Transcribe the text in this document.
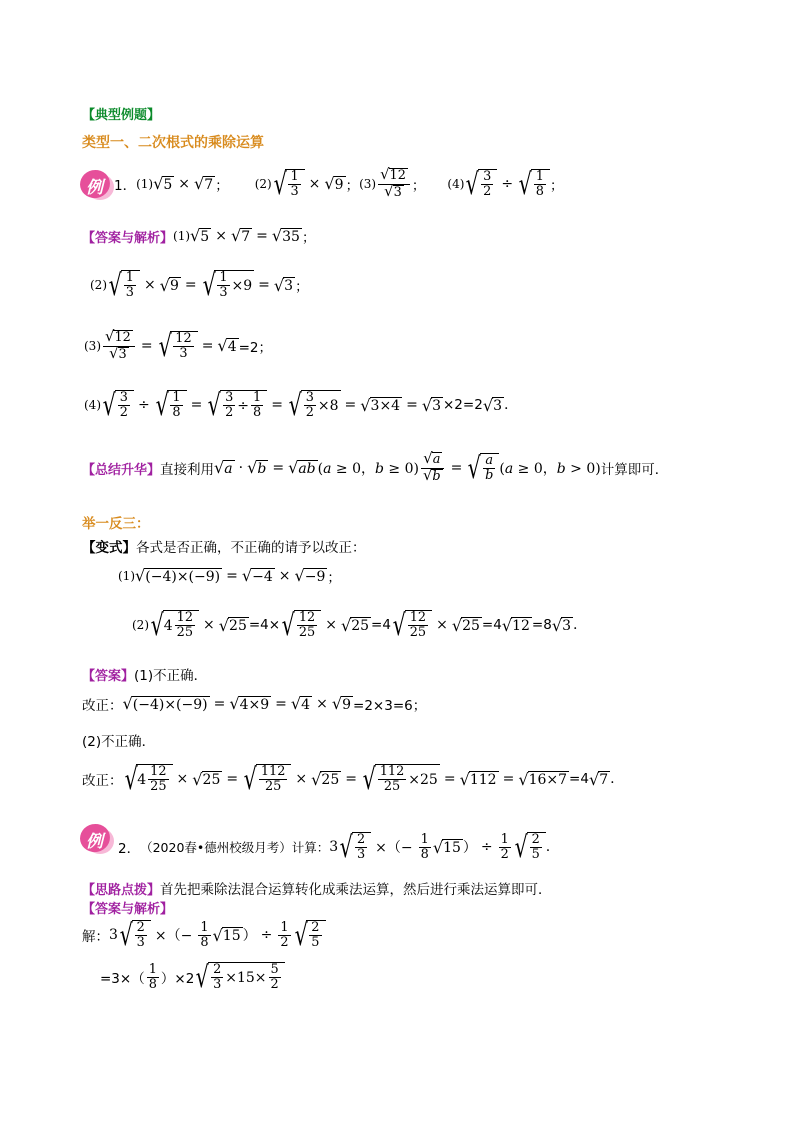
【典型例题】
类型一、二次根式的乘除运算
例 1． (1) √ 5 × √ 7 ； (2) √ 1
3 × √ 9 ； (3)
√ 12
√ 3 ； (4) √ 3
2 ÷ √ 1
8 ；
【答案与解析】 (1) √ 5 × √ 7 = √ 35 ；
(2) √ 1
3 × √ 9 = √ 1
3 ×9 = √ 3 ；
$(3) \frac{√ 12}{√ 3}$ = √ 12
3 = √ 4 =2；
(4) √ 3
2 ÷ √ 1
8 = √ 3
2 ÷
1
8 = √ 3
2 ×8 = √ 3×4 = √ 3 ×2=2 √ 3 .
【总结升华】 直接利用 √ a · √ b = √ ab (a ≥ 0，$b \ge 0) \frac{√ a}{√ b}$ = √ a
b (a ≥ 0，b > 0) 计算即可．
举一反三：
【变式】各式是否正确，不正确的请予以改正：
(1) √ (−4)×(−9) = √ −4 × √ −9 ；
(2) √ 4
12
25 × √ 25 =4× √ 12
25 × √ 25 =4 √ 12
25 × √ 25 =4 √ 12 =8 √ 3 .
【答案】(1)不正确．
改正： √ (−4)×(−9) = √ 4×9 = √ 4 × √ 9 =2×3=6；
(2)不正确．
改正： √ 4
12
25 × √ 25 = √ 112
25 × √ 25 = √ 112
25 ×25 = √ 112 = √ 16×7 =4 √ 7 .
例 2． （2020春•德州校级月考）计算： 3 √ 2
3 ×（− $\frac{1}{8}$ √ 15 ） ÷ $\frac{1}{2}$ √ 2
5 .
【思路点拨】首先把乘除法混合运算转化成乘法运算，然后进行乘法运算即可．
【答案与解析】
解： 3 √ 2
3 ×（− $\frac{1}{8}$ √ 15 ） ÷ $\frac{1}{2}$ √ 2
5
=3×（
1
8 ）×2 √ 2
3 ×15×
5
2
